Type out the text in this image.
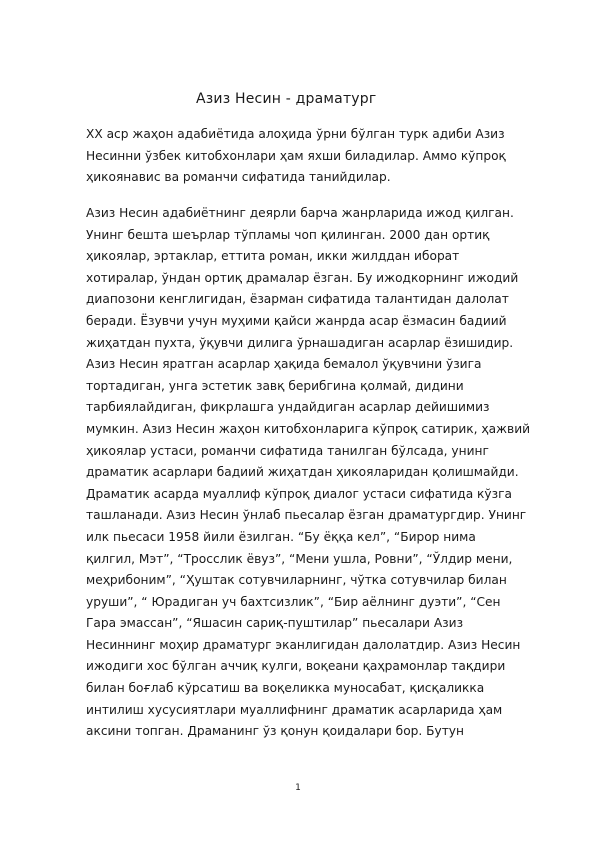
Азиз Несин - драматург
XX аср жаҳон адабиётида алоҳида ўрни бўлган турк адиби Азиз
Несинни ўзбек китобхонлари ҳам яхши биладилар. Аммо кўпроқ
ҳикоянавис ва романчи сифатида танийдилар.
Азиз Несин адабиётнинг деярли барча жанрларида ижод қилган.
Унинг бешта шеърлар тўпламы чоп қилинган. 2000 дан ортиқ
ҳикоялар, эртаклар, еттита роман, икки жилддан иборат
хотиралар, ўндан ортиқ драмалар ёзган. Бу ижодкорнинг ижодий
диапозони кенглигидан, ёзарман сифатида талантидан далолат
беради. Ёзувчи учун муҳими қайси жанрда асар ёзмасин бадиий
жиҳатдан пухта, ўқувчи дилига ўрнашадиган асарлар ёзишидир.
Азиз Несин яратган асарлар ҳақида бемалол ўқувчини ўзига
тортадиган, унга эстетик завқ берибгина қолмай, дидини
тарбиялайдиган, фикрлашга ундайдиган асарлар дейишимиз
мумкин. Азиз Несин жаҳон китобхонларига кўпроқ сатирик, ҳажвий
ҳикоялар устаси, романчи сифатида танилган бўлсада, унинг
драматик асарлари бадиий жиҳатдан ҳикояларидан қолишмайди.
Драматик асарда муаллиф кўпроқ диалог устаси сифатида кўзга
ташланади. Азиз Несин ўнлаб пьесалар ёзган драматургдир. Унинг
илк пьесаси 1958 йили ёзилган. “Бу ёққа кел”, “Бирор нима
қилгил, Мэт”, “Тросслик ёвуз”, “Мени ушла, Ровни”, “Ўлдир мени,
меҳрибоним”, “Ҳуштак сотувчиларнинг, чўтка сотувчилар билан
уруши”, “ Юрадиган уч бахтсизлик”, “Бир аёлнинг дуэти”, “Сен
Гара эмассан”, “Яшасин сариқ-пуштилар” пьесалари Азиз
Несиннинг моҳир драматург эканлигидан далолатдир. Азиз Несин
ижодиги хос бўлган аччиқ кулги, воқеани қаҳрамонлар тақдири
билан боғлаб кўрсатиш ва воқеликка муносабат, қисқаликка
интилиш хусусиятлари муаллифнинг драматик асарларида ҳам
аксини топган. Драманинг ўз қонун қоидалари бор. Бутун
1
